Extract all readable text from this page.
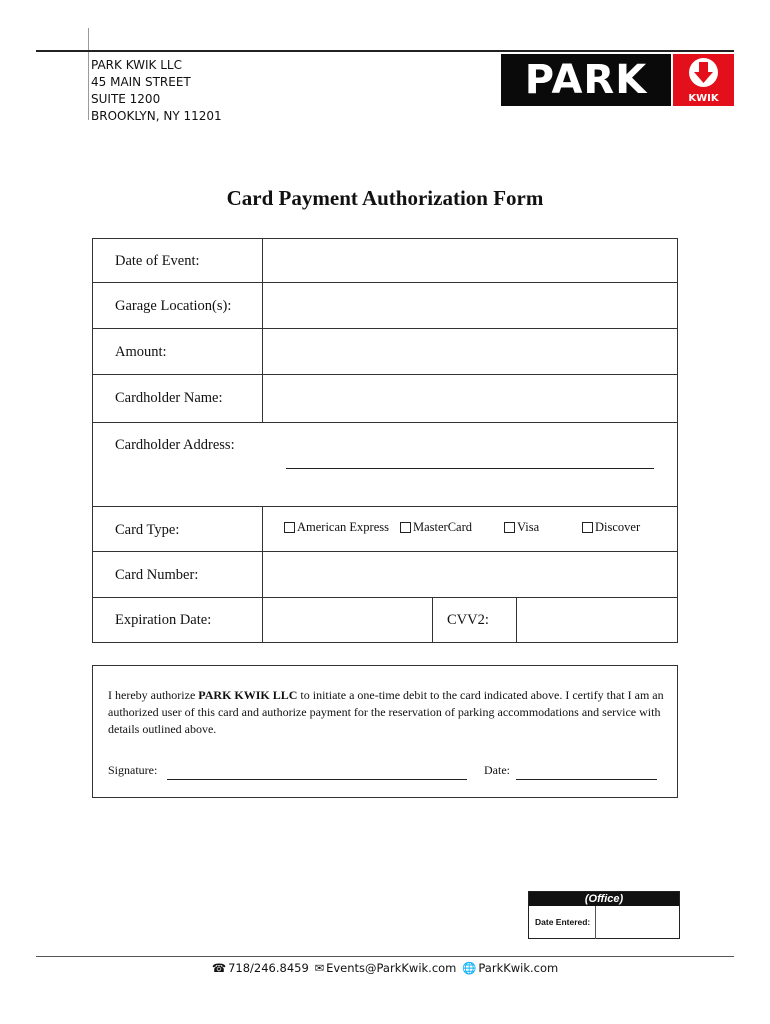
PARK KWIK LLC
45 MAIN STREET
SUITE 1200
BROOKLYN, NY 11201
PARK	KWIK
Card Payment Authorization Form
Date of Event:
Garage Location(s):
Amount:
Cardholder Name:
Cardholder Address:
Card Type:	American Express MasterCard	Visa	Discover
Card Number:
Expiration Date:	CVV2:
I hereby authorize PARK KWIK LLC to initiate a one-time debit to the card indicated above. I certify that I am an authorized user of this card and authorize payment for the reservation of parking accommodations and service with details outlined above.
Signature:	Date:
(Office)
Date Entered:
☎ 718/246.8459 ✉ Events@ParkKwik.com 🌐 ParkKwik.com
